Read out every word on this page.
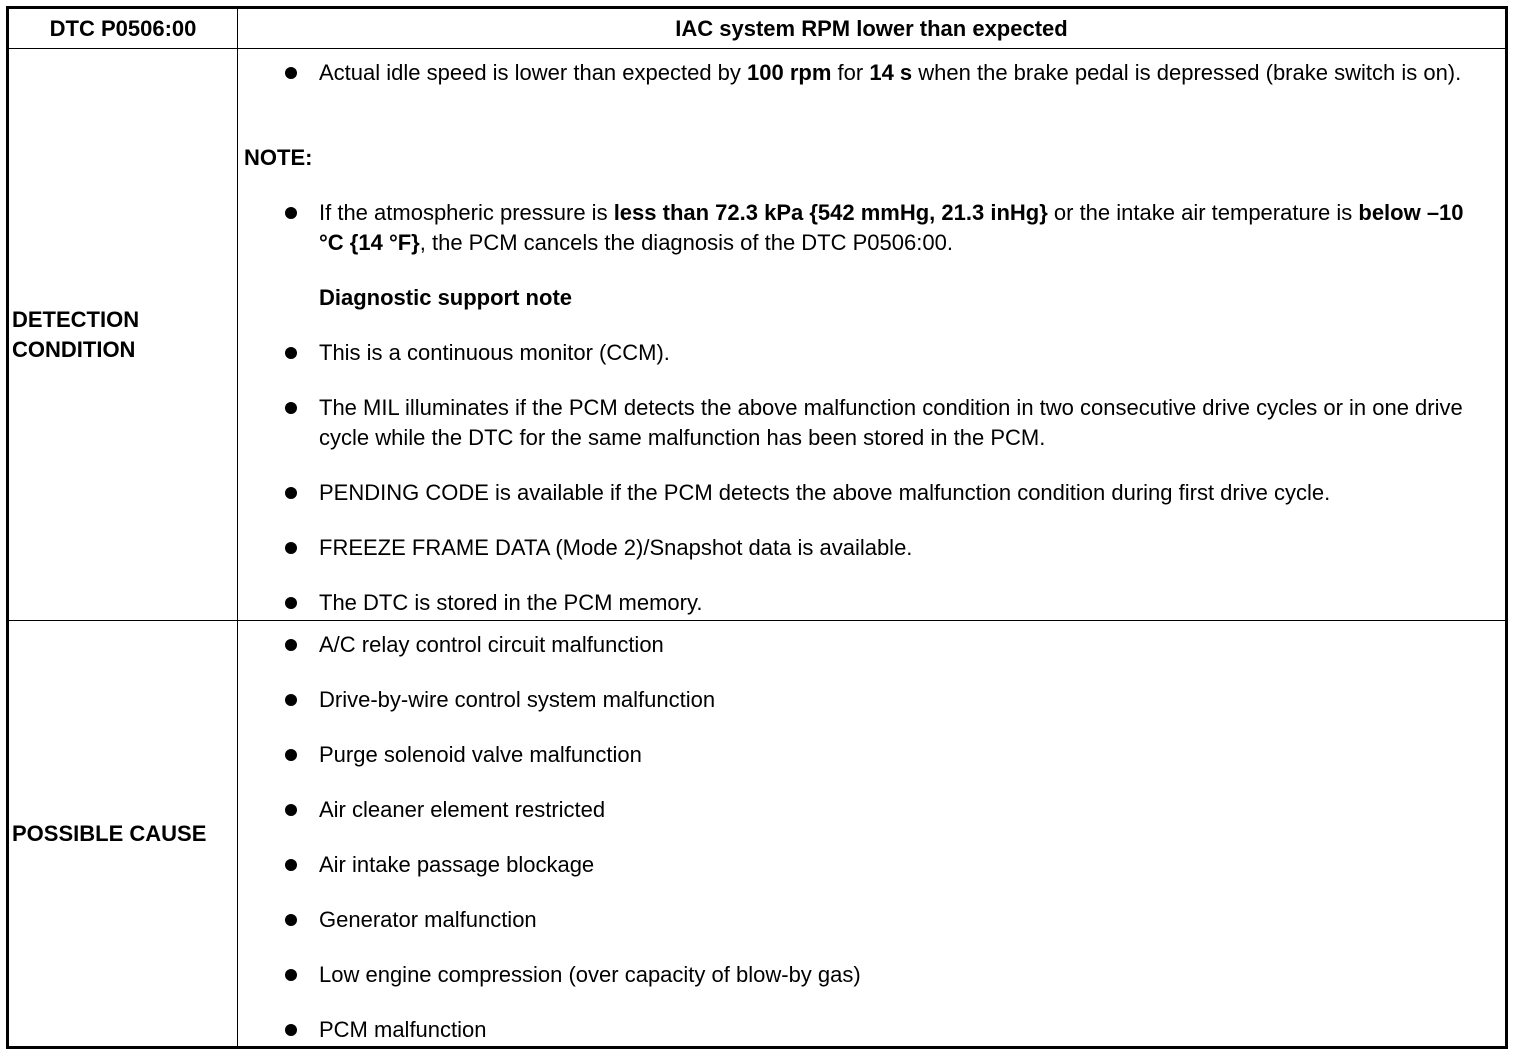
DTC P0506:00	IAC system RPM lower than expected
DETECTION
CONDITION
Actual idle speed is lower than expected by 100 rpm for 14 s when the brake pedal is depressed (brake switch is on).
NOTE:
If the atmospheric pressure is less than 72.3 kPa {542 mmHg, 21.3 inHg} or the intake air temperature is below –10 °C {14 °F}, the PCM cancels the diagnosis of the DTC P0506:00.
Diagnostic support note
This is a continuous monitor (CCM).
The MIL illuminates if the PCM detects the above malfunction condition in two consecutive drive cycles or in one drive cycle while the DTC for the same malfunction has been stored in the PCM.
PENDING CODE is available if the PCM detects the above malfunction condition during first drive cycle.
FREEZE FRAME DATA (Mode 2)/Snapshot data is available.
The DTC is stored in the PCM memory.
POSSIBLE CAUSE
A/C relay control circuit malfunction
Drive-by-wire control system malfunction
Purge solenoid valve malfunction
Air cleaner element restricted
Air intake passage blockage
Generator malfunction
Low engine compression (over capacity of blow-by gas)
PCM malfunction
